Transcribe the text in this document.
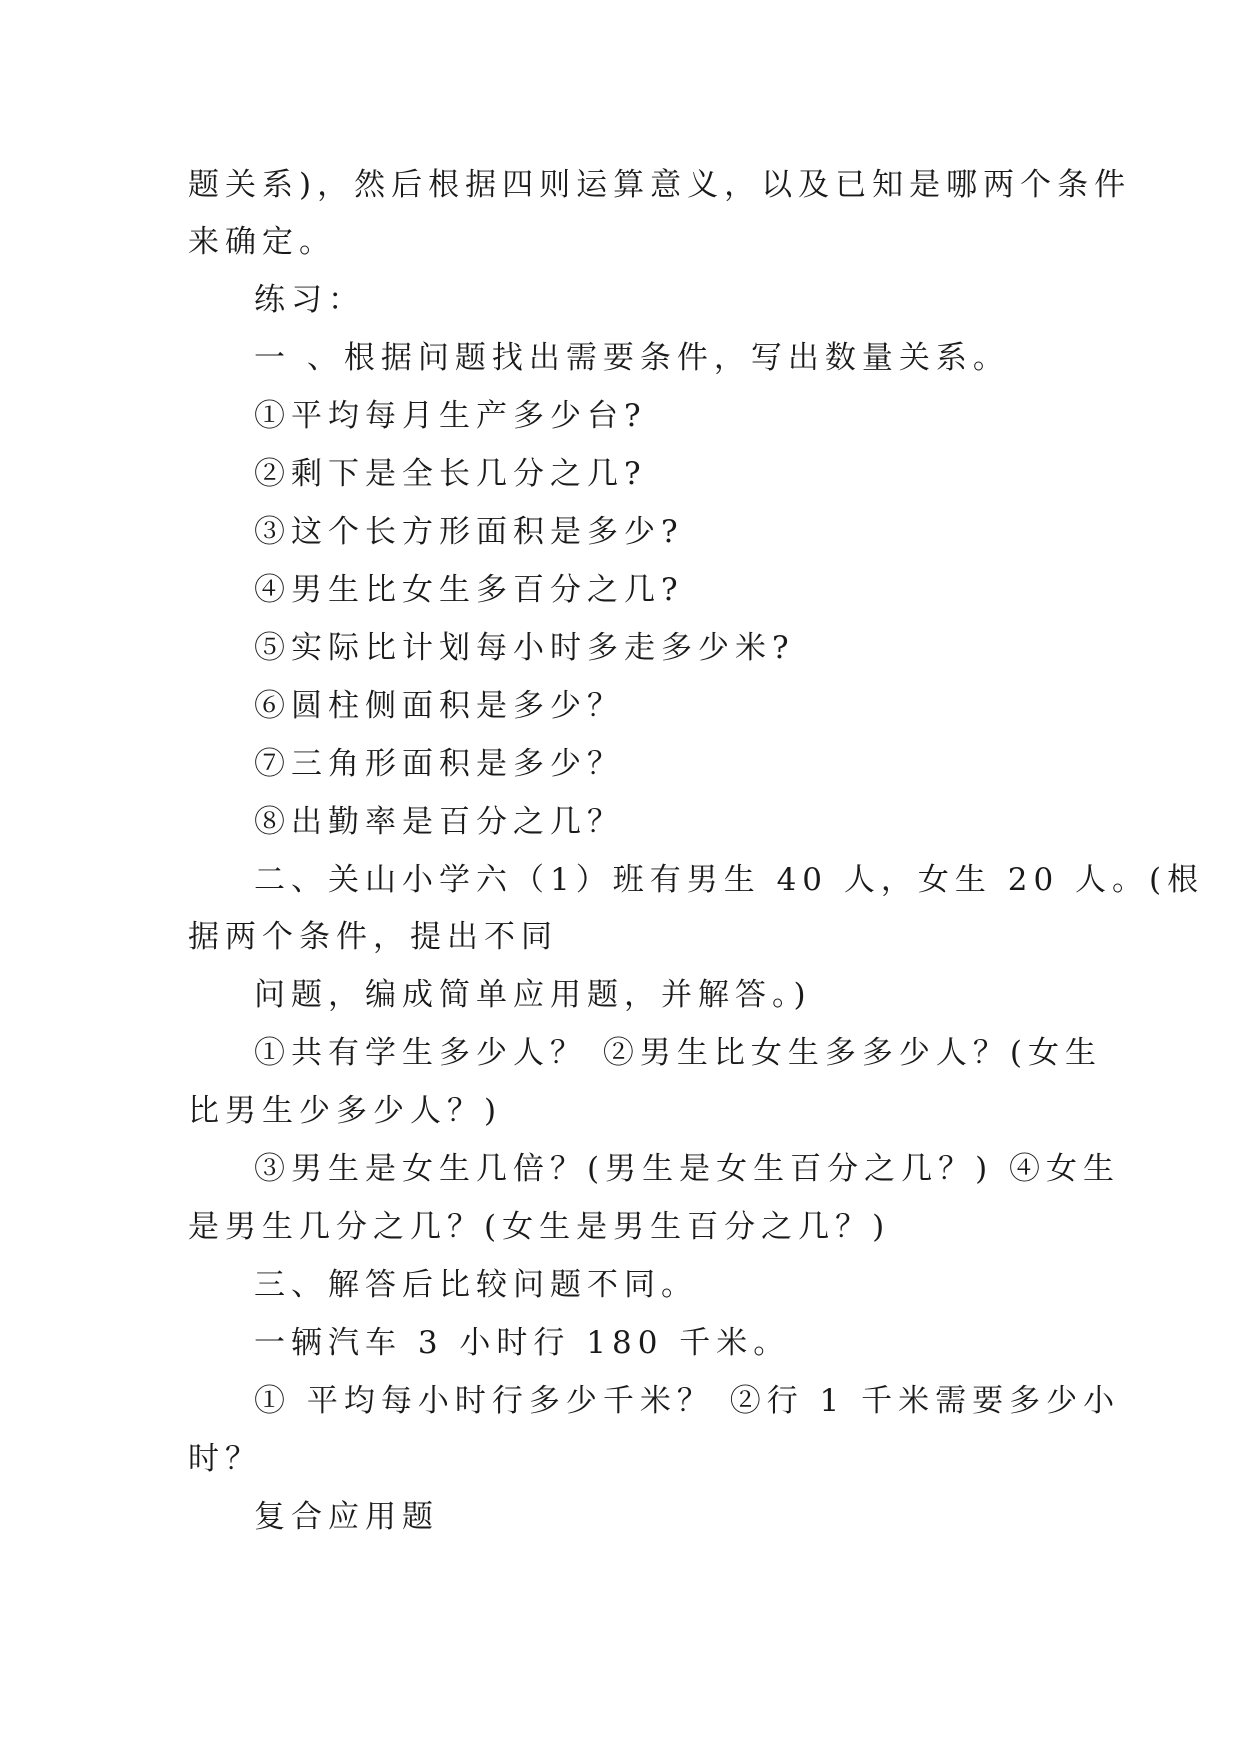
题关系)，然后根据四则运算意义，以及已知是哪两个条件

来确定。

练习：

一 、根据问题找出需要条件，写出数量关系。

①平均每月生产多少台?

②剩下是全长几分之几?

③这个长方形面积是多少?

④男生比女生多百分之几?

⑤实际比计划每小时多走多少米?

⑥圆柱侧面积是多少？

⑦三角形面积是多少？

⑧出勤率是百分之几？

二、关山小学六（1）班有男生 40 人，女生 20 人。(根

据两个条件，提出不同

问题，编成简单应用题，并解答。)

①共有学生多少人？ ②男生比女生多多少人？(女生

比男生少多少人？)

③男生是女生几倍？(男生是女生百分之几？) ④女生

是男生几分之几？(女生是男生百分之几？)

三、解答后比较问题不同。

一辆汽车 3 小时行 180 千米。

① 平均每小时行多少千米？ ②行 1 千米需要多少小

时？

复合应用题
